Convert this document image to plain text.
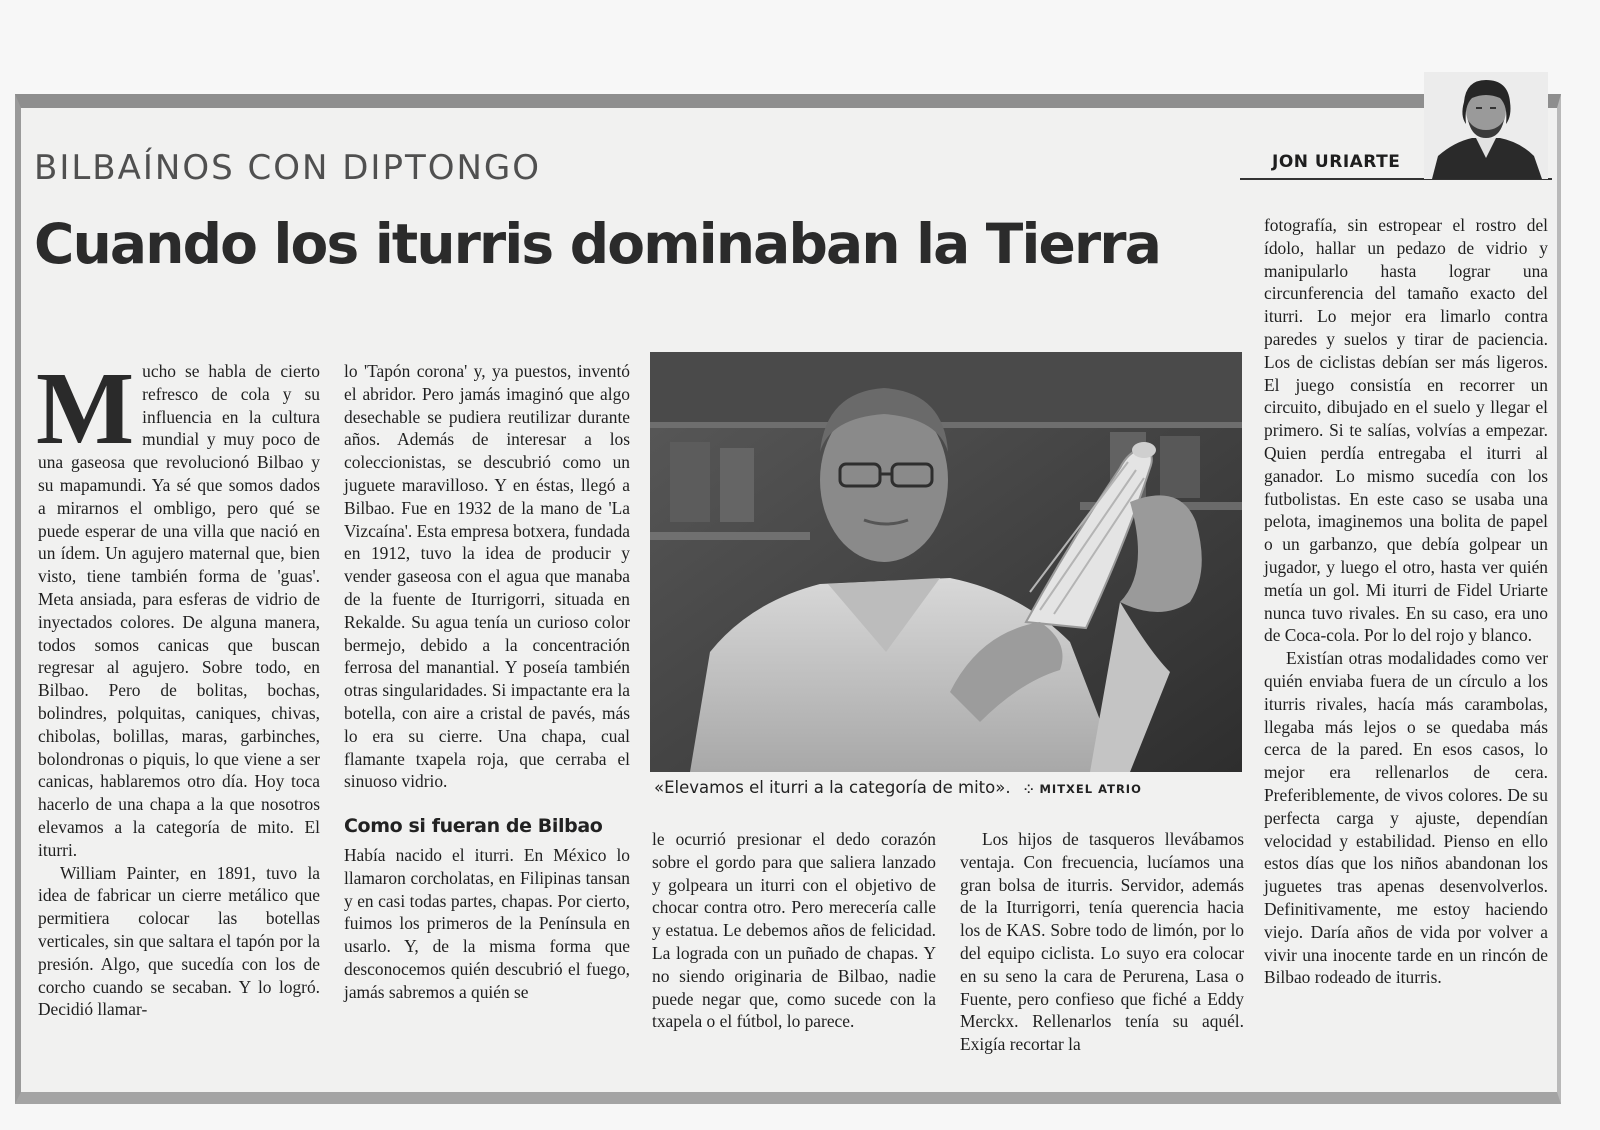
BILBAÍNOS CON DIPTONGO
Cuando los iturris dominaban la Tierra
JON URIARTE
M ucho se habla de cierto refresco de cola y su influencia en la cultura mundial y muy poco de una gaseosa que revolucionó Bilbao y su mapamundi. Ya sé que somos dados a mirarnos el ombligo, pero qué se puede esperar de una villa que nació en un ídem. Un agujero maternal que, bien visto, tiene también forma de 'guas'. Meta ansiada, para esferas de vidrio de inyectados colores. De alguna manera, todos somos canicas que buscan regresar al agujero. Sobre todo, en Bilbao. Pero de bolitas, bochas, bolindres, polquitas, caniques, chivas, chibolas, bolillas, maras, garbinches, bolondronas o piquis, lo que viene a ser canicas, hablaremos otro día. Hoy toca hacerlo de una chapa a la que nosotros elevamos a la categoría de mito. El iturri.

William Painter, en 1891, tuvo la idea de fabricar un cierre metálico que permitiera colocar las botellas verticales, sin que saltara el tapón por la presión. Algo, que sucedía con los de corcho cuando se secaban. Y lo logró. Decidió llamar-

lo 'Tapón corona' y, ya puestos, inventó el abridor. Pero jamás imaginó que algo desechable se pudiera reutilizar durante años. Además de interesar a los coleccionistas, se descubrió como un juguete maravilloso. Y en éstas, llegó a Bilbao. Fue en 1932 de la mano de 'La Vizcaína'. Esta empresa botxera, fundada en 1912, tuvo la idea de producir y vender gaseosa con el agua que manaba de la fuente de Iturrigorri, situada en Rekalde. Su agua tenía un curioso color bermejo, debido a la concentración ferrosa del manantial. Y poseía también otras singularidades. Si impactante era la botella, con aire a cristal de pavés, más lo era su cierre. Una chapa, cual flamante txapela roja, que cerraba el sinuoso vidrio.

Como si fueran de Bilbao

Había nacido el iturri. En México lo llamaron corcholatas, en Filipinas tansan y en casi todas partes, chapas. Por cierto, fuimos los primeros de la Península en usarlo. Y, de la misma forma que desconocemos quién descubrió el fuego, jamás sabremos a quién se

«Elevamos el iturri a la categoría de mito». ⁘ MITXEL ATRIO

le ocurrió presionar el dedo corazón sobre el gordo para que saliera lanzado y golpeara un iturri con el objetivo de chocar contra otro. Pero merecería calle y estatua. Le debemos años de felicidad. La lograda con un puñado de chapas. Y no siendo originaria de Bilbao, nadie puede negar que, como sucede con la txapela o el fútbol, lo parece.

Los hijos de tasqueros llevábamos ventaja. Con frecuencia, lucíamos una gran bolsa de iturris. Servidor, además de la Iturrigorri, tenía querencia hacia los de KAS. Sobre todo de limón, por lo del equipo ciclista. Lo suyo era colocar en su seno la cara de Perurena, Lasa o Fuente, pero confieso que fiché a Eddy Merckx. Rellenarlos tenía su aquél. Exigía recortar la

fotografía, sin estropear el rostro del ídolo, hallar un pedazo de vidrio y manipularlo hasta lograr una circunferencia del tamaño exacto del iturri. Lo mejor era limarlo contra paredes y suelos y tirar de paciencia. Los de ciclistas debían ser más ligeros. El juego consistía en recorrer un circuito, dibujado en el suelo y llegar el primero. Si te salías, volvías a empezar. Quien perdía entregaba el iturri al ganador. Lo mismo sucedía con los futbolistas. En este caso se usaba una pelota, imaginemos una bolita de papel o un garbanzo, que debía golpear un jugador, y luego el otro, hasta ver quién metía un gol. Mi iturri de Fidel Uriarte nunca tuvo rivales. En su caso, era uno de Coca-cola. Por lo del rojo y blanco.

Existían otras modalidades como ver quién enviaba fuera de un círculo a los iturris rivales, hacía más carambolas, llegaba más lejos o se quedaba más cerca de la pared. En esos casos, lo mejor era rellenarlos de cera. Preferiblemente, de vivos colores. De su perfecta carga y ajuste, dependían velocidad y estabilidad. Pienso en ello estos días que los niños abandonan los juguetes tras apenas desenvolverlos. Definitivamente, me estoy haciendo viejo. Daría años de vida por volver a vivir una inocente tarde en un rincón de Bilbao rodeado de iturris.
